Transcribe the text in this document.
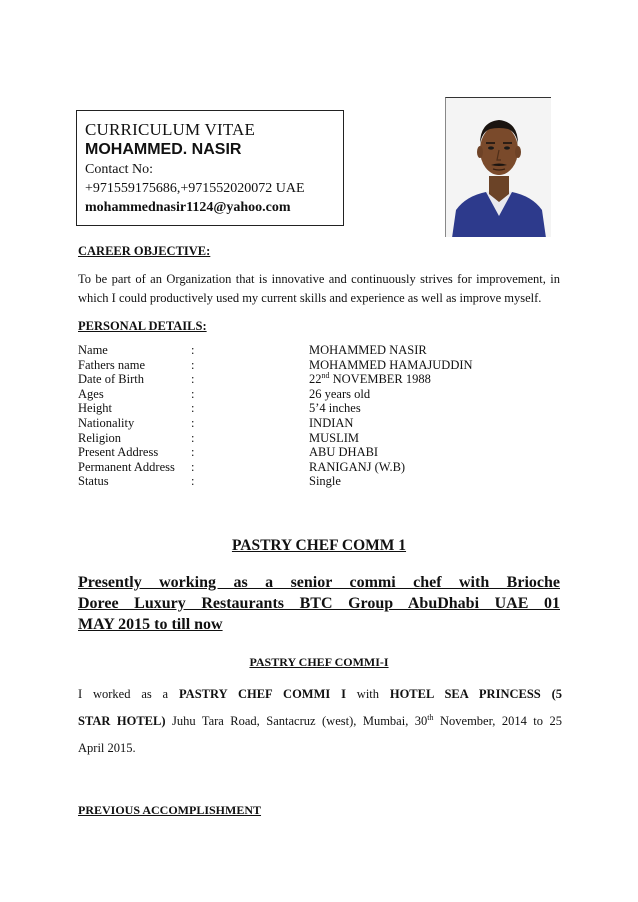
CURRICULUM VITAE
MOHAMMED. NASIR
Contact No:
+971559175686,+971552020072 UAE
mohammednasir1124@yahoo.com
CAREER OBJECTIVE:
To be part of an Organization that is innovative and continuously strives for improvement, in which I could productively used my current skills and experience as well as improve myself.
PERSONAL DETAILS:
Name	:	MOHAMMED NASIR
Fathers name	:	MOHAMMED HAMAJUDDIN
Date of Birth	:	22nd NOVEMBER 1988
Ages	:	26 years old
Height	:	5’4 inches
Nationality	:	INDIAN
Religion	:	MUSLIM
Present Address	:	ABU DHABI
Permanent Address	:	RANIGANJ (W.B)
Status	:	Single
PASTRY CHEF COMM 1
Presently working as a senior commi chef with Brioche
Doree Luxury Restaurants BTC Group AbuDhabi UAE 01
MAY 2015 to till now
PASTRY CHEF COMMI-I
I worked as a PASTRY CHEF COMMI I with HOTEL SEA PRINCESS (5
STAR HOTEL) Juhu Tara Road, Santacruz (west), Mumbai, 30th November, 2014 to 25
April 2015.
PREVIOUS ACCOMPLISHMENT
